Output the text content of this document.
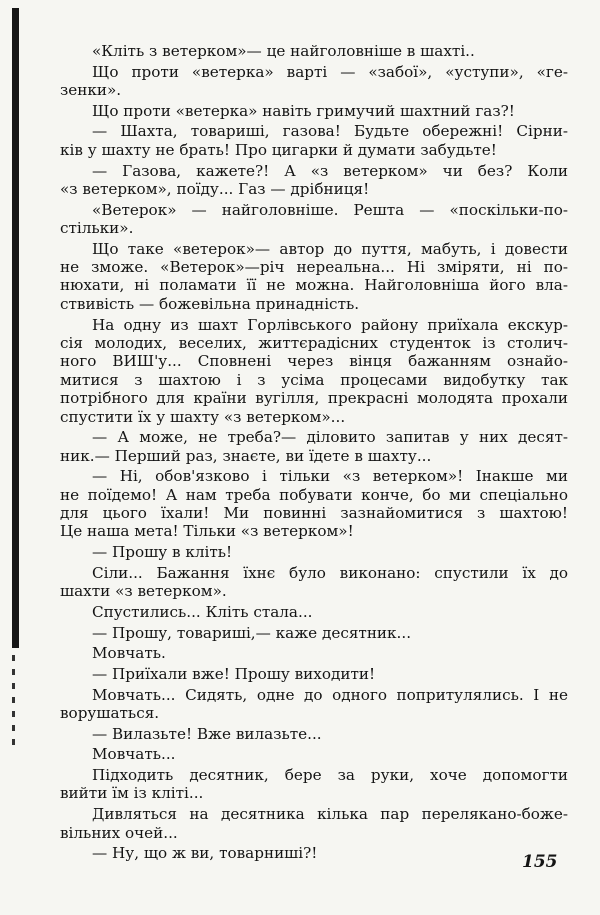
«Кліть з ветерком»— це найголовніше в шахті..
Що проти «ветерка» варті — «забої», «уступи», «ге-
зенки».
Що проти «ветерка» навіть гримучий шахтний газ?!
— Шахта, товариші, газова! Будьте обережні! Сірни-
ків у шахту не брать! Про цигарки й думати забудьте!
— Газова, кажете?! А «з ветерком» чи без? Коли
«з ветерком», поїду... Газ — дрібниця!
«Ветерок» — найголовніше. Решта — «поскільки-по-
стільки».
Що таке «ветерок»— автор до пуття, мабуть, і довести
не зможе. «Ветерок»—річ нереальна... Ні зміряти, ні по-
нюхати, ні поламати її не можна. Найголовніша його вла-
ствивість — божевільна принадність.
На одну из шахт Горлівського району приїхала екскур-
сія молодих, веселих, життєрадісних студенток із столич-
ного ВИШ'у... Сповнені через вінця бажанням ознайо-
митися з шахтою і з усіма процесами видобутку так
потрібного для країни вугілля, прекрасні молодята прохали
спустити їх у шахту «з ветерком»...
— А може, не треба?— діловито запитав у них десят-
ник.— Перший раз, знаєте, ви їдете в шахту...
— Ні, обов'язково і тільки «з ветерком»! Інакше ми
не поїдемо! А нам треба побувати конче, бо ми спеціально
для цього їхали! Ми повинні зазнайомитися з шахтою!
Це наша мета! Тільки «з ветерком»!
— Прошу в кліть!
Сіли... Бажання їхнє було виконано: спустили їх до
шахти «з ветерком».
Спустились... Кліть стала...
— Прошу, товариші,— каже десятник...
Мовчать.
— Приїхали вже! Прошу виходити!
Мовчать... Сидять, одне до одного попритулялись. І не
ворушаться.
— Вилазьте! Вже вилазьте...
Мовчать...
Підходить десятник, бере за руки, хоче допомогти
вийти їм із кліті...
Дивляться на десятника кілька пар перелякано-боже-
вільних очей...
— Ну, що ж ви, товарниші?!	155
